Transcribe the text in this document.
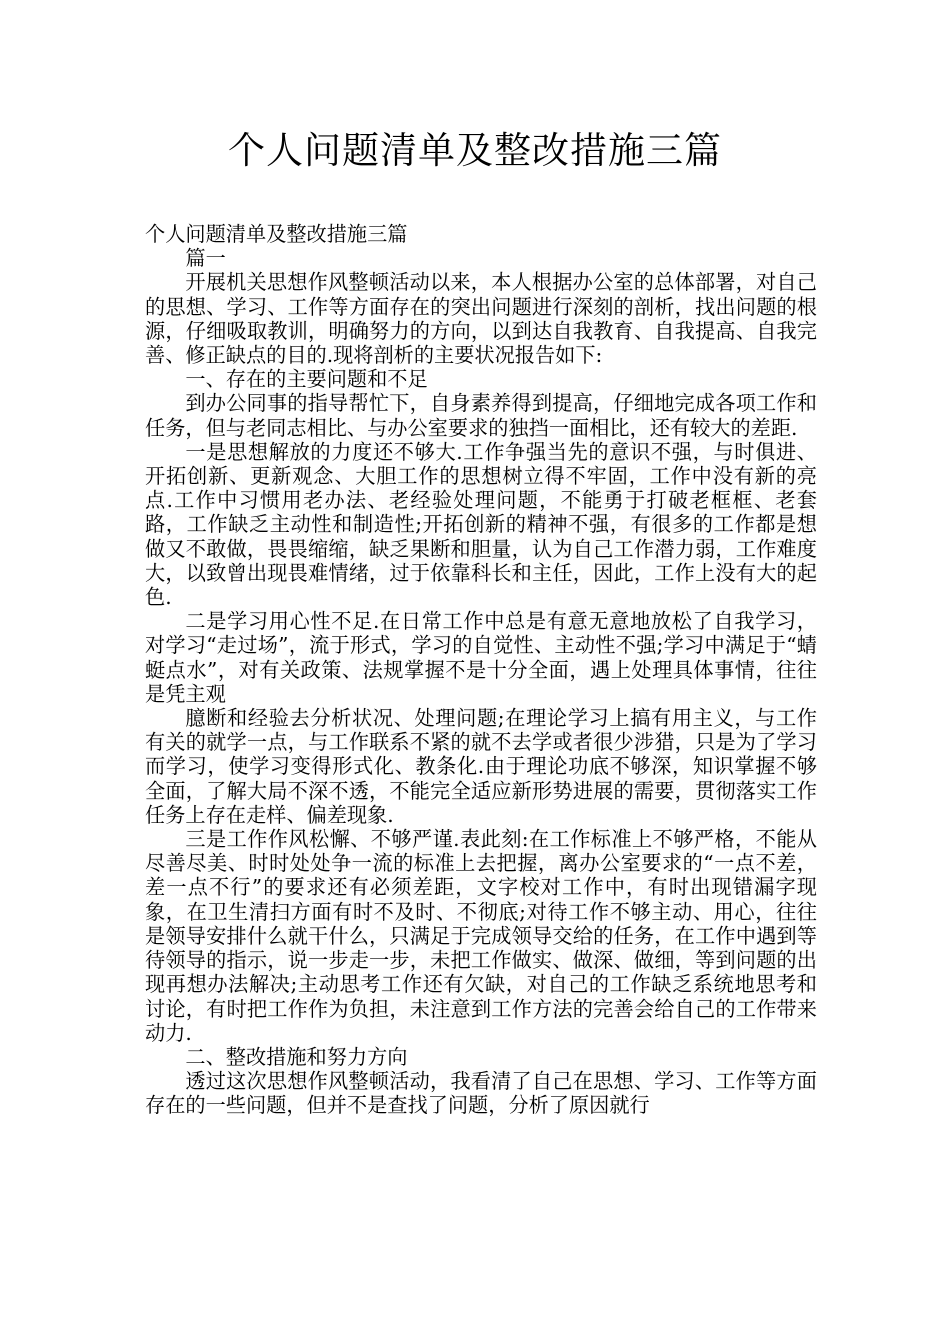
个人问题清单及整改措施三篇

个人问题清单及整改措施三篇

篇一

开展机关思想作风整顿活动以来，本人根据办公室的总体部署，对自己的思想、学习、工作等方面存在的突出问题进行深刻的剖析，找出问题的根源，仔细吸取教训，明确努力的方向，以到达自我教育、自我提高、自我完善、修正缺点的目的.现将剖析的主要状况报告如下:

一、存在的主要问题和不足

到办公同事的指导帮忙下，自身素养得到提高，仔细地完成各项工作和任务，但与老同志相比、与办公室要求的独挡一面相比，还有较大的差距.

一是思想解放的力度还不够大.工作争强当先的意识不强，与时俱进、开拓创新、更新观念、大胆工作的思想树立得不牢固，工作中没有新的亮点.工作中习惯用老办法、老经验处理问题，不能勇于打破老框框、老套路，工作缺乏主动性和制造性;开拓创新的精神不强，有很多的工作都是想做又不敢做，畏畏缩缩，缺乏果断和胆量，认为自己工作潜力弱，工作难度大，以致曾出现畏难情绪，过于依靠科长和主任，因此，工作上没有大的起色.

二是学习用心性不足.在日常工作中总是有意无意地放松了自我学习，对学习“走过场”，流于形式，学习的自觉性、主动性不强;学习中满足于“蜻蜓点水”，对有关政策、法规掌握不是十分全面，遇上处理具体事情，往往是凭主观

臆断和经验去分析状况、处理问题;在理论学习上搞有用主义，与工作有关的就学一点，与工作联系不紧的就不去学或者很少涉猎，只是为了学习而学习，使学习变得形式化、教条化.由于理论功底不够深，知识掌握不够全面，了解大局不深不透，不能完全适应新形势进展的需要，贯彻落实工作任务上存在走样、偏差现象.

三是工作作风松懈、不够严谨.表此刻:在工作标准上不够严格，不能从尽善尽美、时时处处争一流的标准上去把握，离办公室要求的“一点不差，差一点不行”的要求还有必须差距，文字校对工作中，有时出现错漏字现象，在卫生清扫方面有时不及时、不彻底;对待工作不够主动、用心，往往是领导安排什么就干什么，只满足于完成领导交给的任务，在工作中遇到等待领导的指示，说一步走一步，未把工作做实、做深、做细，等到问题的出现再想办法解决;主动思考工作还有欠缺，对自己的工作缺乏系统地思考和讨论，有时把工作作为负担，未注意到工作方法的完善会给自己的工作带来动力.

二、整改措施和努力方向

透过这次思想作风整顿活动，我看清了自己在思想、学习、工作等方面存在的一些问题，但并不是查找了问题，分析了原因就行
